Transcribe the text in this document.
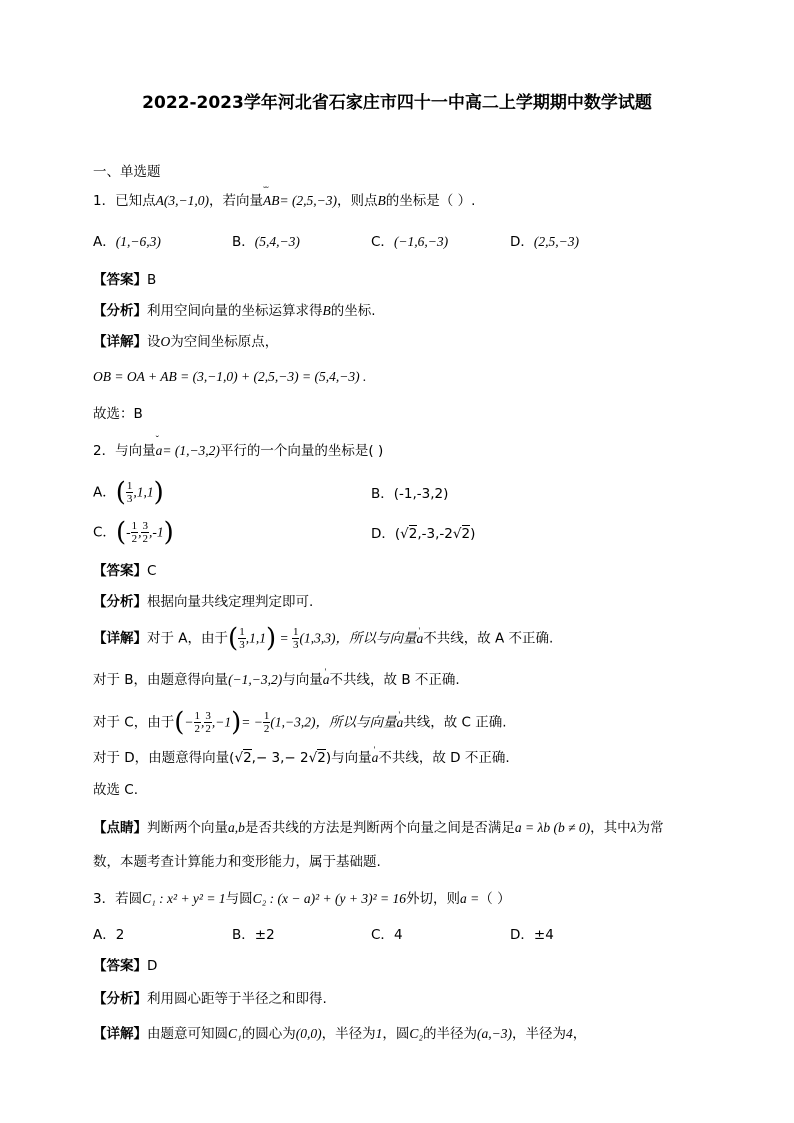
2022-2023学年河北省石家庄市四十一中高二上学期期中数学试题
一、单选题
1．已知点A(3,−1,0)，若向量˘˘˘ AB= (2,5,−3)，则点B的坐标是（ ）.
A．(1,−6,3)	B．(5,4,−3)	C．(−1,6,−3)	D．(2,5,−3)
【答案】B
【分析】利用空间向量的坐标运算求得B的坐标.
【详解】设O为空间坐标原点，
OB = OA + AB = (3,−1,0) + (2,5,−3) = (5,4,−3) .
故选：B
2．与向量ˇ a= (1,−3,2)平行的一个向量的坐标是( )
A．( $\frac{1}{3} ,1,1$)	B．(-1,-3,2)
C．(- $\frac{1}{2}$ , $\frac{3}{2} ,-1$)	D．(√2,-3,-2√2)
【答案】C
【分析】根据向量共线定理判定即可.
【详解】对于 A，由于( $\frac{1}{3} ,1,1) = \frac{1}{3} (1,3,3)$，所以与向量' a不共线，故 A 不正确.
对于 B，由题意得向量(−1,−3,2)与向量' a不共线，故 B 不正确.
对于 C，由于(− $\frac{1}{2}$ , $\frac{3}{2} ,-1)= - \frac{1}{2} (1,-3,2)$，所以与向量' a共线，故 C 正确.
对于 D，由题意得向量(√2,− 3,− 2√2)与向量' a不共线，故 D 不正确.
故选 C.
【点睛】判断两个向量a,b是否共线的方法是判断两个向量之间是否满足a = λb (b ≠ 0)，其中λ为常
数，本题考查计算能力和变形能力，属于基础题.
3．若圆C₁ : x² + y² = 1与圆C₂ : (x − a)² + (y + 3)² = 16外切，则a =（ ）
A．2	B．±2	C．4	D．±4
【答案】D
【分析】利用圆心距等于半径之和即得.
【详解】由题意可知圆C₁的圆心为(0,0)，半径为1，圆C₂的半径为(a,−3)，半径为4，
